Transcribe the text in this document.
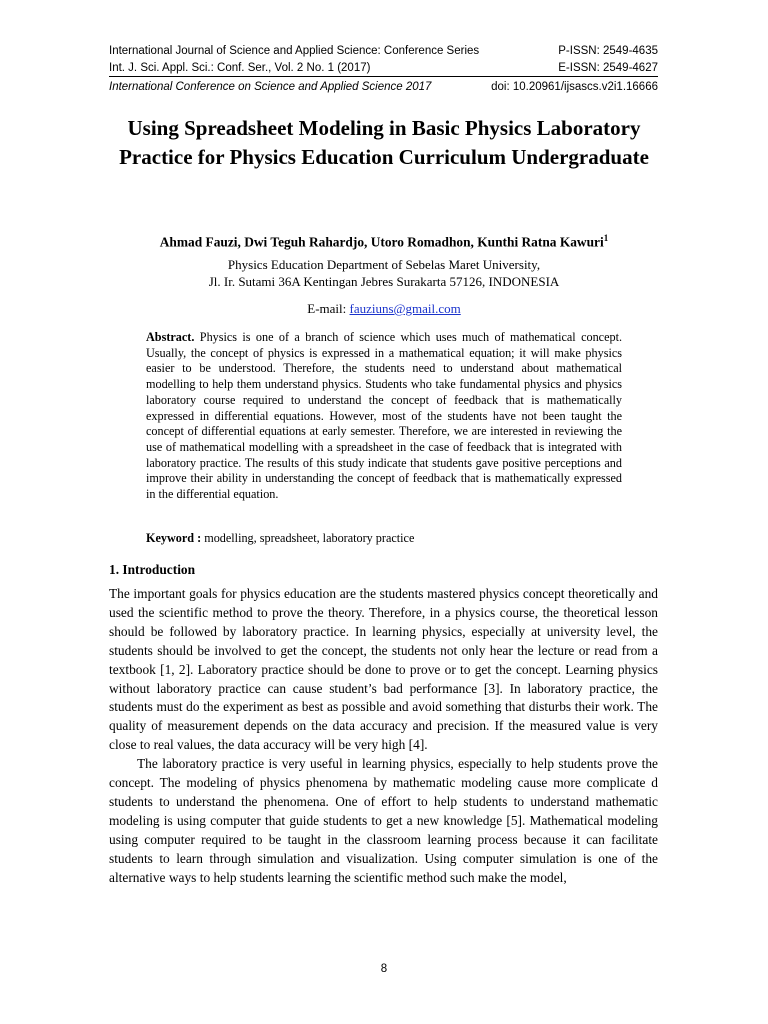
International Journal of Science and Applied Science: Conference Series	P-ISSN: 2549-4635
Int. J. Sci. Appl. Sci.: Conf. Ser., Vol. 2 No. 1 (2017)	E-ISSN: 2549-4627
International Conference on Science and Applied Science 2017	doi: 10.20961/ijsascs.v2i1.16666
Using Spreadsheet Modeling in Basic Physics Laboratory Practice for Physics Education Curriculum Undergraduate
Ahmad Fauzi, Dwi Teguh Rahardjo, Utoro Romadhon, Kunthi Ratna Kawuri$^1$
Physics Education Department of Sebelas Maret University,
Jl. Ir. Sutami 36A Kentingan Jebres Surakarta 57126, INDONESIA
E-mail: fauziuns@gmail.com

Abstract. Physics is one of a branch of science which uses much of mathematical concept. Usually, the concept of physics is expressed in a mathematical equation; it will make physics easier to be understood. Therefore, the students need to understand about mathematical modelling to help them understand physics. Students who take fundamental physics and physics laboratory course required to understand the concept of feedback that is mathematically expressed in differential equations. However, most of the students have not been taught the concept of differential equations at early semester. Therefore, we are interested in reviewing the use of mathematical modelling with a spreadsheet in the case of feedback that is integrated with laboratory practice. The results of this study indicate that students gave positive perceptions and improve their ability in understanding the concept of feedback that is mathematically expressed in the differential equation.

Keyword : modelling, spreadsheet, laboratory practice
1. Introduction

The important goals for physics education are the students mastered physics concept theoretically and used the scientific method to prove the theory. Therefore, in a physics course, the theoretical lesson should be followed by laboratory practice. In learning physics, especially at university level, the students should be involved to get the concept, the students not only hear the lecture or read from a textbook [1, 2]. Laboratory practice should be done to prove or to get the concept. Learning physics without laboratory practice can cause student’s bad performance [3]. In laboratory practice, the students must do the experiment as best as possible and avoid something that disturbs their work. The quality of measurement depends on the data accuracy and precision. If the measured value is very close to real values, the data accuracy will be very high [4].

The laboratory practice is very useful in learning physics, especially to help students prove the concept. The modeling of physics phenomena by mathematic modeling cause more complicate d students to understand the phenomena. One of effort to help students to understand mathematic modeling is using computer that guide students to get a new knowledge [5]. Mathematical modeling using computer required to be taught in the classroom learning process because it can facilitate students to learn through simulation and visualization. Using computer simulation is one of the alternative ways to help students learning the scientific method such make the model,

8
